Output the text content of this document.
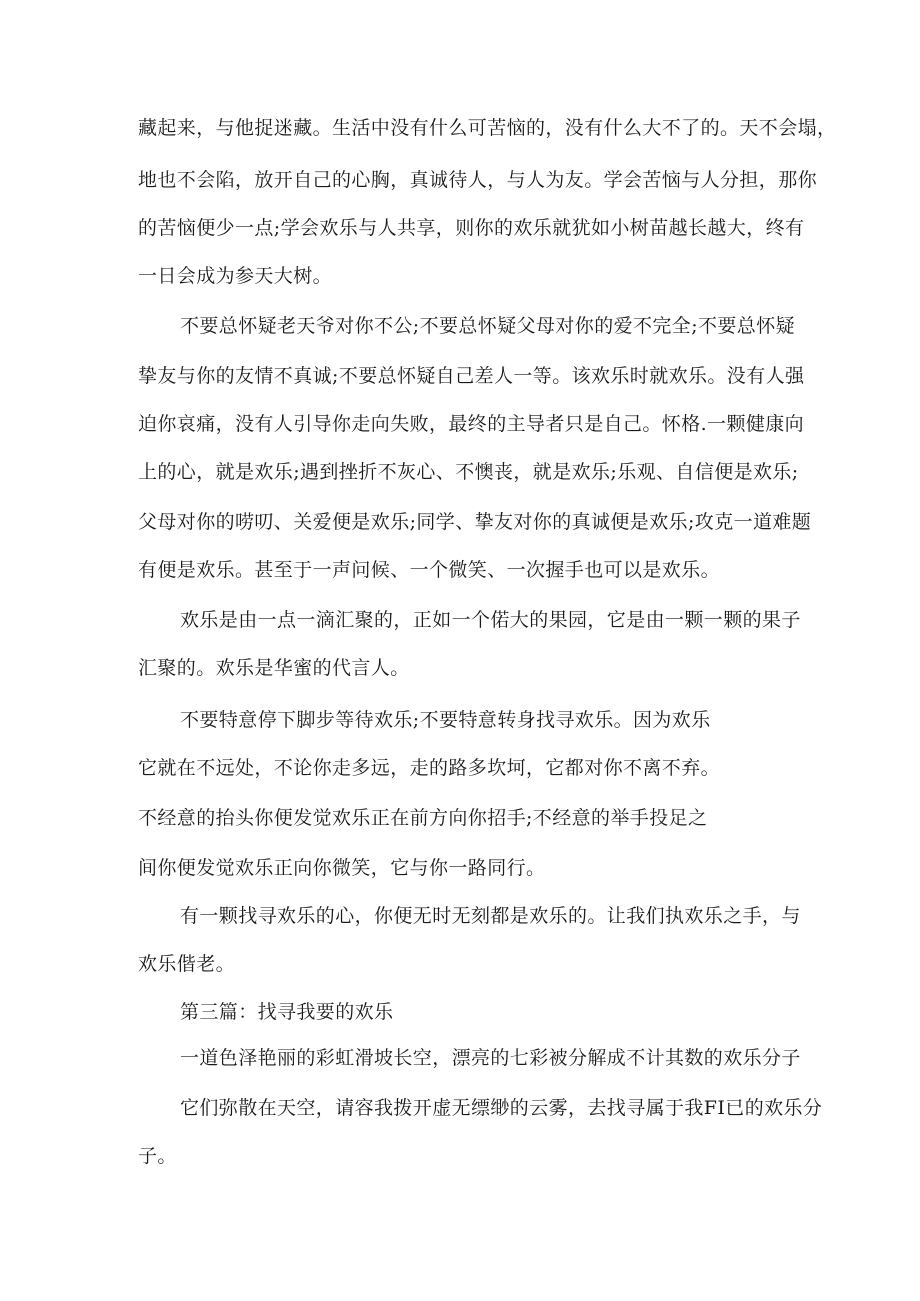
藏起来，与他捉迷藏。生活中没有什么可苦恼的，没有什么大不了的。天不会塌，
地也不会陷，放开自己的心胸，真诚待人，与人为友。学会苦恼与人分担，那你
的苦恼便少一点;学会欢乐与人共享，则你的欢乐就犹如小树苗越长越大，终有
一日会成为参天大树。
不要总怀疑老天爷对你不公;不要总怀疑父母对你的爱不完全;不要总怀疑
挚友与你的友情不真诚;不要总怀疑自己差人一等。该欢乐时就欢乐。没有人强
迫你哀痛，没有人引导你走向失败，最终的主导者只是自己。怀格.一颗健康向
上的心，就是欢乐;遇到挫折不灰心、不懊丧，就是欢乐;乐观、自信便是欢乐;
父母对你的唠叨、关爱便是欢乐;同学、挚友对你的真诚便是欢乐;攻克一道难题
有便是欢乐。甚至于一声问候、一个微笑、一次握手也可以是欢乐。
欢乐是由一点一滴汇聚的，正如一个偌大的果园，它是由一颗一颗的果子
汇聚的。欢乐是华蜜的代言人。
不要特意停下脚步等待欢乐;不要特意转身找寻欢乐。因为欢乐
它就在不远处，不论你走多远，走的路多坎坷，它都对你不离不弃。
不经意的抬头你便发觉欢乐正在前方向你招手;不经意的举手投足之
间你便发觉欢乐正向你微笑，它与你一路同行。
有一颗找寻欢乐的心，你便无时无刻都是欢乐的。让我们执欢乐之手，与
欢乐偕老。
第三篇：找寻我要的欢乐
一道色泽艳丽的彩虹滑坡长空，漂亮的七彩被分解成不计其数的欢乐分子
它们弥散在天空，请容我拨开虚无缥缈的云雾，去找寻属于我FI已的欢乐分
子。
